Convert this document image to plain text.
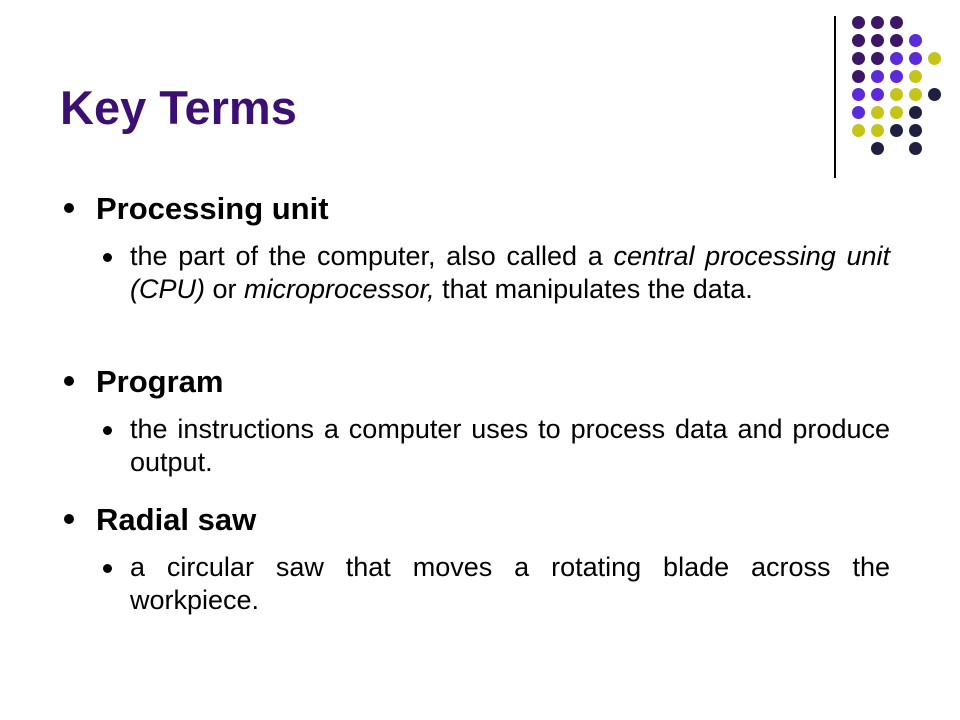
Key Terms
Processing unit

the part of the computer, also called a central processing unit (CPU) or microprocessor, that manipulates the data.

Program

the instructions a computer uses to process data and produce output.

Radial saw

a circular saw that moves a rotating blade across the workpiece.
